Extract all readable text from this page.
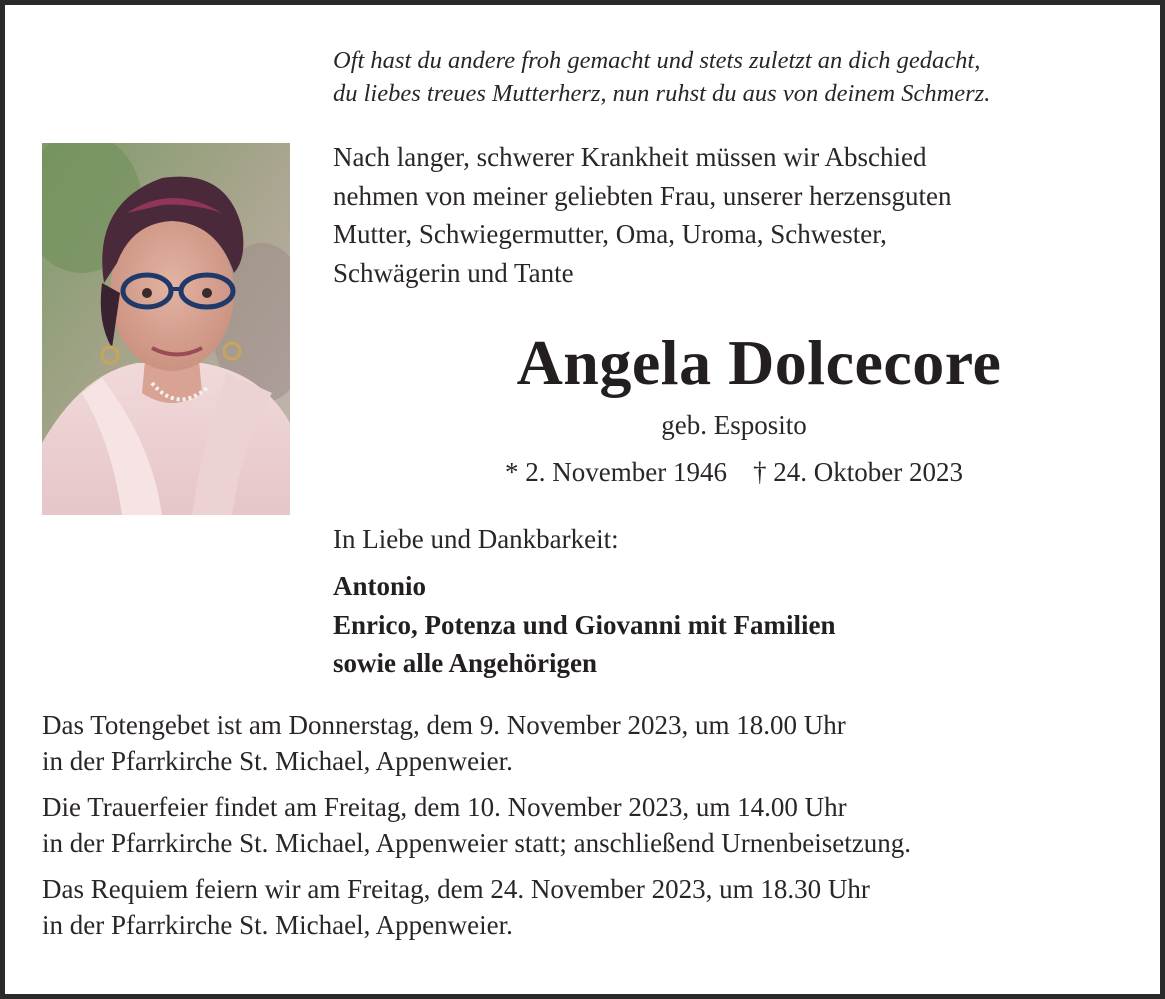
Oft hast du andere froh gemacht und stets zuletzt an dich gedacht,
du liebes treues Mutterherz, nun ruhst du aus von deinem Schmerz.
Nach langer, schwerer Krankheit müssen wir Abschied
nehmen von meiner geliebten Frau, unserer herzensguten
Mutter, Schwiegermutter, Oma, Uroma, Schwester,
Schwägerin und Tante
Angela Dolcecore
geb. Esposito
* 2. November 1946 † 24. Oktober 2023
In Liebe und Dankbarkeit:
Antonio
Enrico, Potenza und Giovanni mit Familien
sowie alle Angehörigen
Das Totengebet ist am Donnerstag, dem 9. November 2023, um 18.00 Uhr
in der Pfarrkirche St. Michael, Appenweier.
Die Trauerfeier findet am Freitag, dem 10. November 2023, um 14.00 Uhr
in der Pfarrkirche St. Michael, Appenweier statt; anschließend Urnenbeisetzung.
Das Requiem feiern wir am Freitag, dem 24. November 2023, um 18.30 Uhr
in der Pfarrkirche St. Michael, Appenweier.
